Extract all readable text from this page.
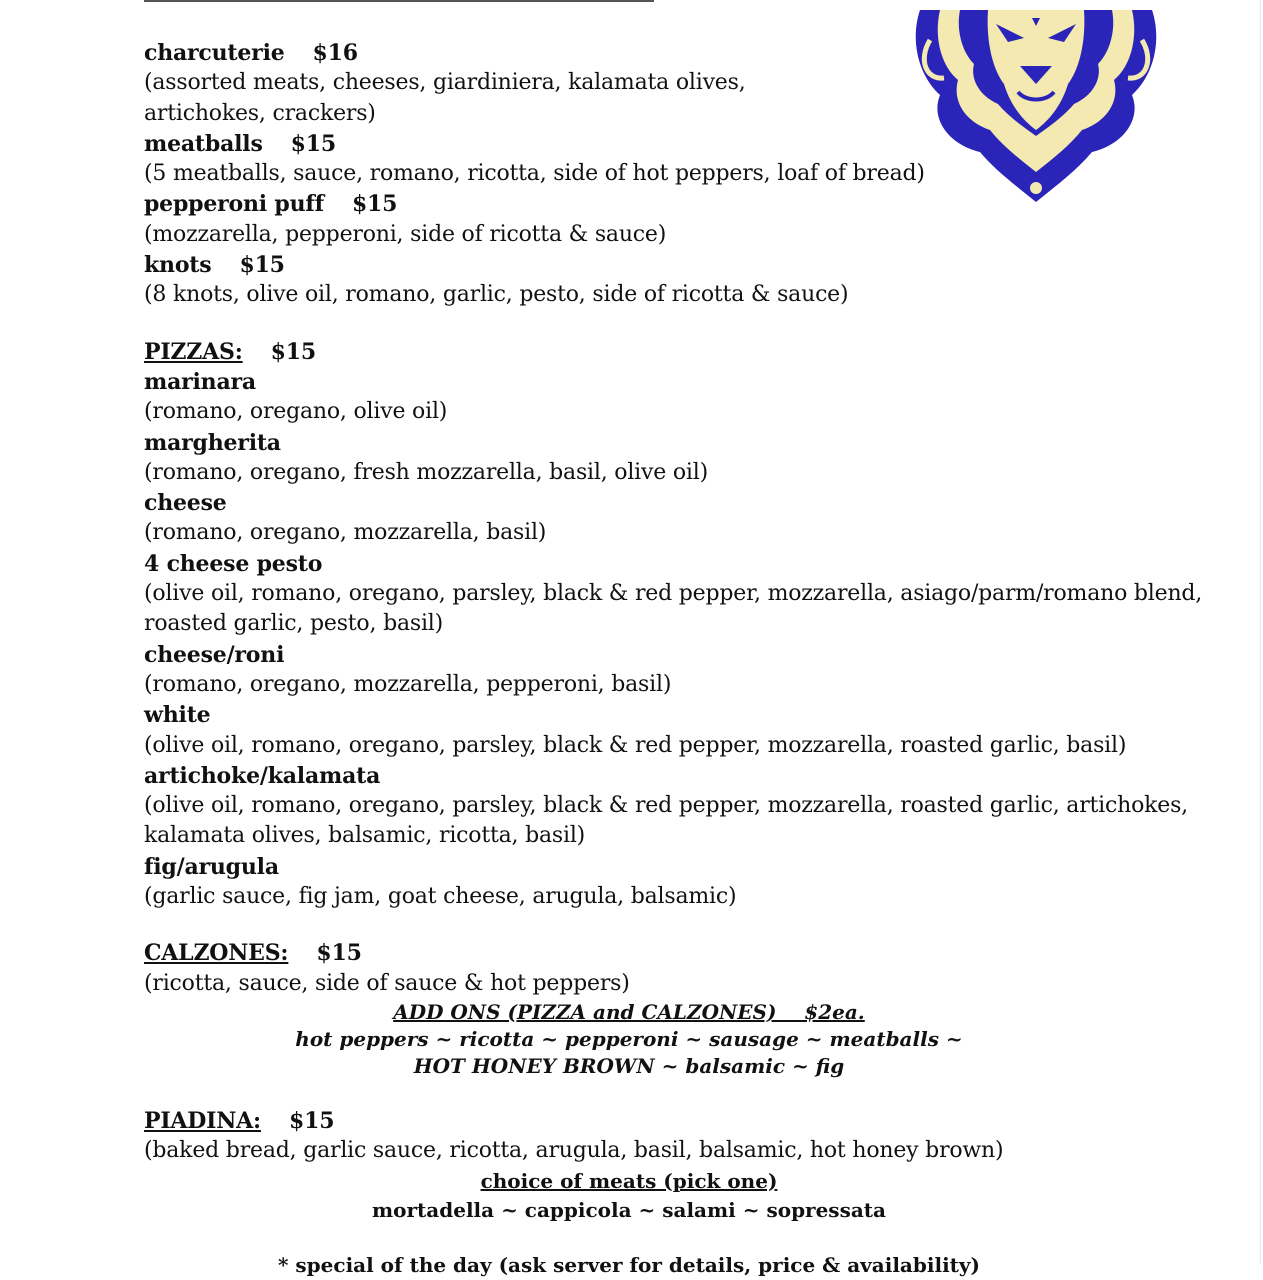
charcuterie $16
(assorted meats, cheeses, giardiniera, kalamata olives,
artichokes, crackers)
meatballs $15
(5 meatballs, sauce, romano, ricotta, side of hot peppers, loaf of bread)
pepperoni puff $15
(mozzarella, pepperoni, side of ricotta & sauce)
knots $15
(8 knots, olive oil, romano, garlic, pesto, side of ricotta & sauce)
PIZZAS: $15
marinara
(romano, oregano, olive oil)
margherita
(romano, oregano, fresh mozzarella, basil, olive oil)
cheese
(romano, oregano, mozzarella, basil)
4 cheese pesto
(olive oil, romano, oregano, parsley, black & red pepper, mozzarella, asiago/parm/romano blend,
roasted garlic, pesto, basil)
cheese/roni
(romano, oregano, mozzarella, pepperoni, basil)
white
(olive oil, romano, oregano, parsley, black & red pepper, mozzarella, roasted garlic, basil)
artichoke/kalamata
(olive oil, romano, oregano, parsley, black & red pepper, mozzarella, roasted garlic, artichokes,
kalamata olives, balsamic, ricotta, basil)
fig/arugula
(garlic sauce, fig jam, goat cheese, arugula, balsamic)
CALZONES: $15
(ricotta, sauce, side of sauce & hot peppers)
ADD ONS (PIZZA and CALZONES)    $2ea.
hot peppers ~ ricotta ~ pepperoni ~ sausage ~ meatballs ~
HOT HONEY BROWN ~ balsamic ~ fig
PIADINA: $15
(baked bread, garlic sauce, ricotta, arugula, basil, balsamic, hot honey brown)
choice of meats (pick one)
mortadella ~ cappicola ~ salami ~ sopressata
* special of the day (ask server for details, price & availability)
